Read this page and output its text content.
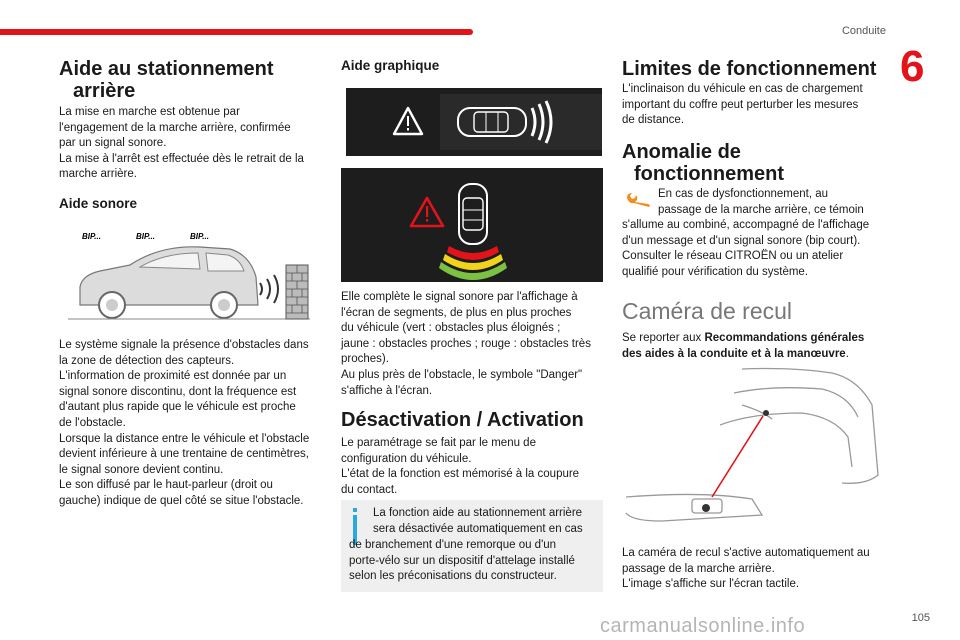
Conduite
6
Aide au stationnement
arrière

La mise en marche est obtenue par

l'engagement de la marche arrière, confirmée

par un signal sonore.

La mise à l'arrêt est effectuée dès le retrait de la

marche arrière.

Aide sonore
BIP...	BIP...	BIP...

Le système signale la présence d'obstacles dans

la zone de détection des capteurs.

L'information de proximité est donnée par un

signal sonore discontinu, dont la fréquence est

d'autant plus rapide que le véhicule est proche

de l'obstacle.

Lorsque la distance entre le véhicule et l'obstacle

devient inférieure à une trentaine de centimètres,

le signal sonore devient continu.

Le son diffusé par le haut-parleur (droit ou

gauche) indique de quel côté se situe l'obstacle.

Aide graphique

Elle complète le signal sonore par l'affichage à

l'écran de segments, de plus en plus proches

du véhicule (vert : obstacles plus éloignés ;

jaune : obstacles proches ; rouge : obstacles très

proches).

Au plus près de l'obstacle, le symbole "Danger"

s'affiche à l'écran.

Désactivation / Activation

Le paramétrage se fait par le menu de

configuration du véhicule.

L'état de la fonction est mémorisé à la coupure

du contact.

La fonction aide au stationnement arrière

sera désactivée automatiquement en cas

de branchement d'une remorque ou d'un

porte-vélo sur un dispositif d'attelage installé

selon les préconisations du constructeur.

Limites de fonctionnement

L'inclinaison du véhicule en cas de chargement

important du coffre peut perturber les mesures

de distance.

Anomalie de
fonctionnement

En cas de dysfonctionnement, au

passage de la marche arrière, ce témoin

s'allume au combiné, accompagné de l'affichage

d'un message et d'un signal sonore (bip court).

Consulter le réseau CITROËN ou un atelier

qualifié pour vérification du système.

Caméra de recul

Se reporter aux Recommandations générales

des aides à la conduite et à la manœuvre.

La caméra de recul s'active automatiquement au

passage de la marche arrière.

L'image s'affiche sur l'écran tactile.

carmanualsonline.info	105
